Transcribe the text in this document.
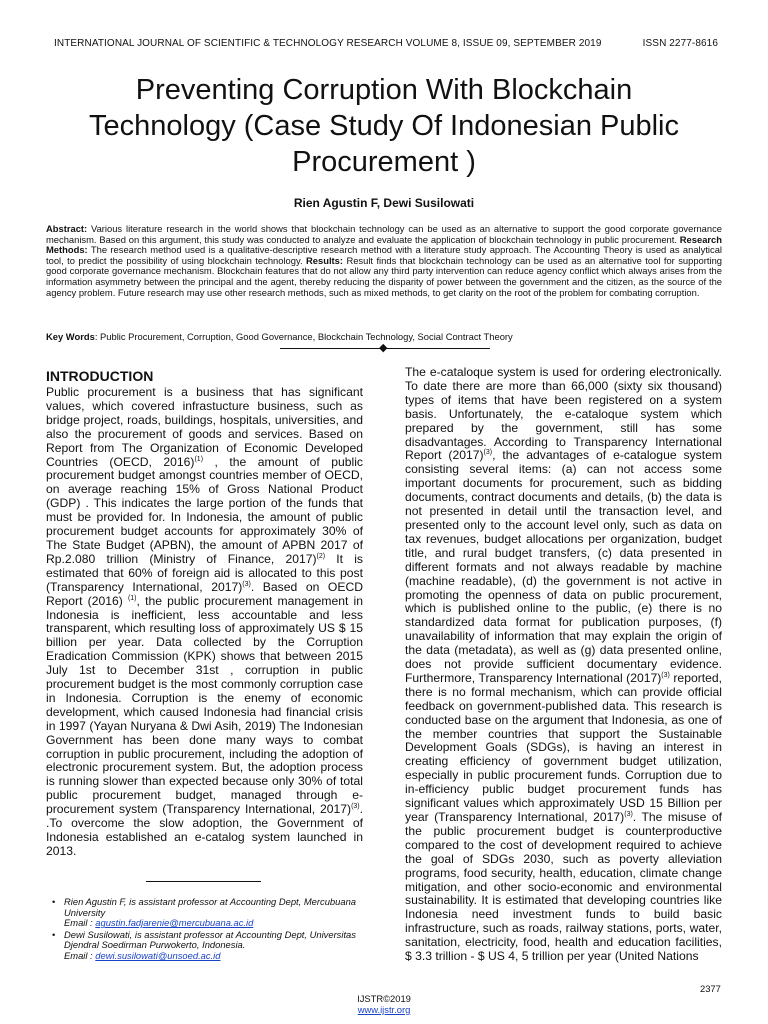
INTERNATIONAL JOURNAL OF SCIENTIFIC & TECHNOLOGY RESEARCH VOLUME 8, ISSUE 09, SEPTEMBER 2019	ISSN 2277-8616
Preventing Corruption With Blockchain Technology (Case Study Of Indonesian Public Procurement )
Rien Agustin F, Dewi Susilowati

Abstract: Various literature research in the world shows that blockchain technology can be used as an alternative to support the good corporate governance mechanism. Based on this argument, this study was conducted to analyze and evaluate the application of blockchain technology in public procurement. Research Methods: The research method used is a qualitative-descriptive research method with a literature study approach. The Accounting Theory is used as analytical tool, to predict the possibility of using blockchain technology. Results: Result finds that blockchain technology can be used as an alternative tool for supporting good corporate governance mechanism. Blockchain features that do not allow any third party intervention can reduce agency conflict which always arises from the information asymmetry between the principal and the agent, thereby reducing the disparity of power between the government and the citizen, as the source of the agency problem. Future research may use other research methods, such as mixed methods, to get clarity on the root of the problem for combating corruption.

Key Words: Public Procurement, Corruption, Good Governance, Blockchain Technology, Social Contract Theory
◆
INTRODUCTION

Public procurement is a business that has significant values, which covered infrastucture business, such as bridge project, roads, buildings, hospitals, universities, and also the procurement of goods and services. Based on Report from The Organization of Economic Developed Countries (OECD, 2016)$^{(1)}$ , the amount of public procurement budget amongst countries member of OECD, on average reaching 15% of Gross National Product (GDP) . This indicates the large portion of the funds that must be provided for. In Indonesia, the amount of public procurement budget accounts for approximately 30% of The State Budget (APBN), the amount of APBN 2017 of Rp.2.080 trillion (Ministry of Finance, 2017)$^{(2)}$ It is estimated that 60% of foreign aid is allocated to this post (Transparency International, 2017)$^{(3)}$. Based on OECD Report (2016) $^{(1)}$, the public procurement management in Indonesia is inefficient, less accountable and less transparent, which resulting loss of approximately US $ 15 billion per year. Data collected by the Corruption Eradication Commission (KPK) shows that between 2015 July 1st to December 31st , corruption in public procurement budget is the most commonly corruption case in Indonesia. Corruption is the enemy of economic development, which caused Indonesia had financial crisis in 1997 (Yayan Nuryana & Dwi Asih, 2019) The Indonesian Government has been done many ways to combat corruption in public procurement, including the adoption of electronic procurement system. But, the adoption process is running slower than expected because only 30% of total public procurement budget, managed through e-procurement system (Transparency International, 2017)$^{(3)}$. .To overcome the slow adoption, the Government of Indonesia established an e-catalog system launched in 2013.

• Rien Agustin F, is assistant professor at Accounting Dept, Mercubuana University
Email : agustin.fadjarenie@mercubuana.ac.id
• Dewi Susilowati, is assistant professor at Accounting Dept, Universitas Djendral Soedirman Purwokerto, Indonesia.
Email : dewi.susilowati@unsoed.ac.id

The e-cataloque system is used for ordering electronically. To date there are more than 66,000 (sixty six thousand) types of items that have been registered on a system basis. Unfortunately, the e-cataloque system which prepared by the government, still has some disadvantages. According to Transparency International Report $(2017)^{(3)}$, the advantages of e-catalogue system consisting several items: (a) can not access some important documents for procurement, such as bidding documents, contract documents and details, (b) the data is not presented in detail until the transaction level, and presented only to the account level only, such as data on tax revenues, budget allocations per organization, budget title, and rural budget transfers, (c) data presented in different formats and not always readable by machine (machine readable), (d) the government is not active in promoting the openness of data on public procurement, which is published online to the public, (e) there is no standardized data format for publication purposes, (f) unavailability of information that may explain the origin of the data (metadata), as well as (g) data presented online, does not provide sufficient documentary evidence. Furthermore, Transparency International $(2017)^{(3)}$ reported, there is no formal mechanism, which can provide official feedback on government-published data. This research is conducted base on the argument that Indonesia, as one of the member countries that support the Sustainable Development Goals (SDGs), is having an interest in creating efficiency of government budget utilization, especially in public procurement funds. Corruption due to in-efficiency public budget procurement funds has significant values which approximately USD 15 Billion per year (Transparency International, 2017)$^{(3)}$. The misuse of the public procurement budget is counterproductive compared to the cost of development required to achieve the goal of SDGs 2030, such as poverty alleviation programs, food security, health, education, climate change mitigation, and other socio-economic and environmental sustainability. It is estimated that developing countries like Indonesia need investment funds to build basic infrastructure, such as roads, railway stations, ports, water, sanitation, electricity, food, health and education facilities, $ 3.3 trillion - $ US 4, 5 trillion per year (United Nations

2377
IJSTR©2019
www.ijstr.org
